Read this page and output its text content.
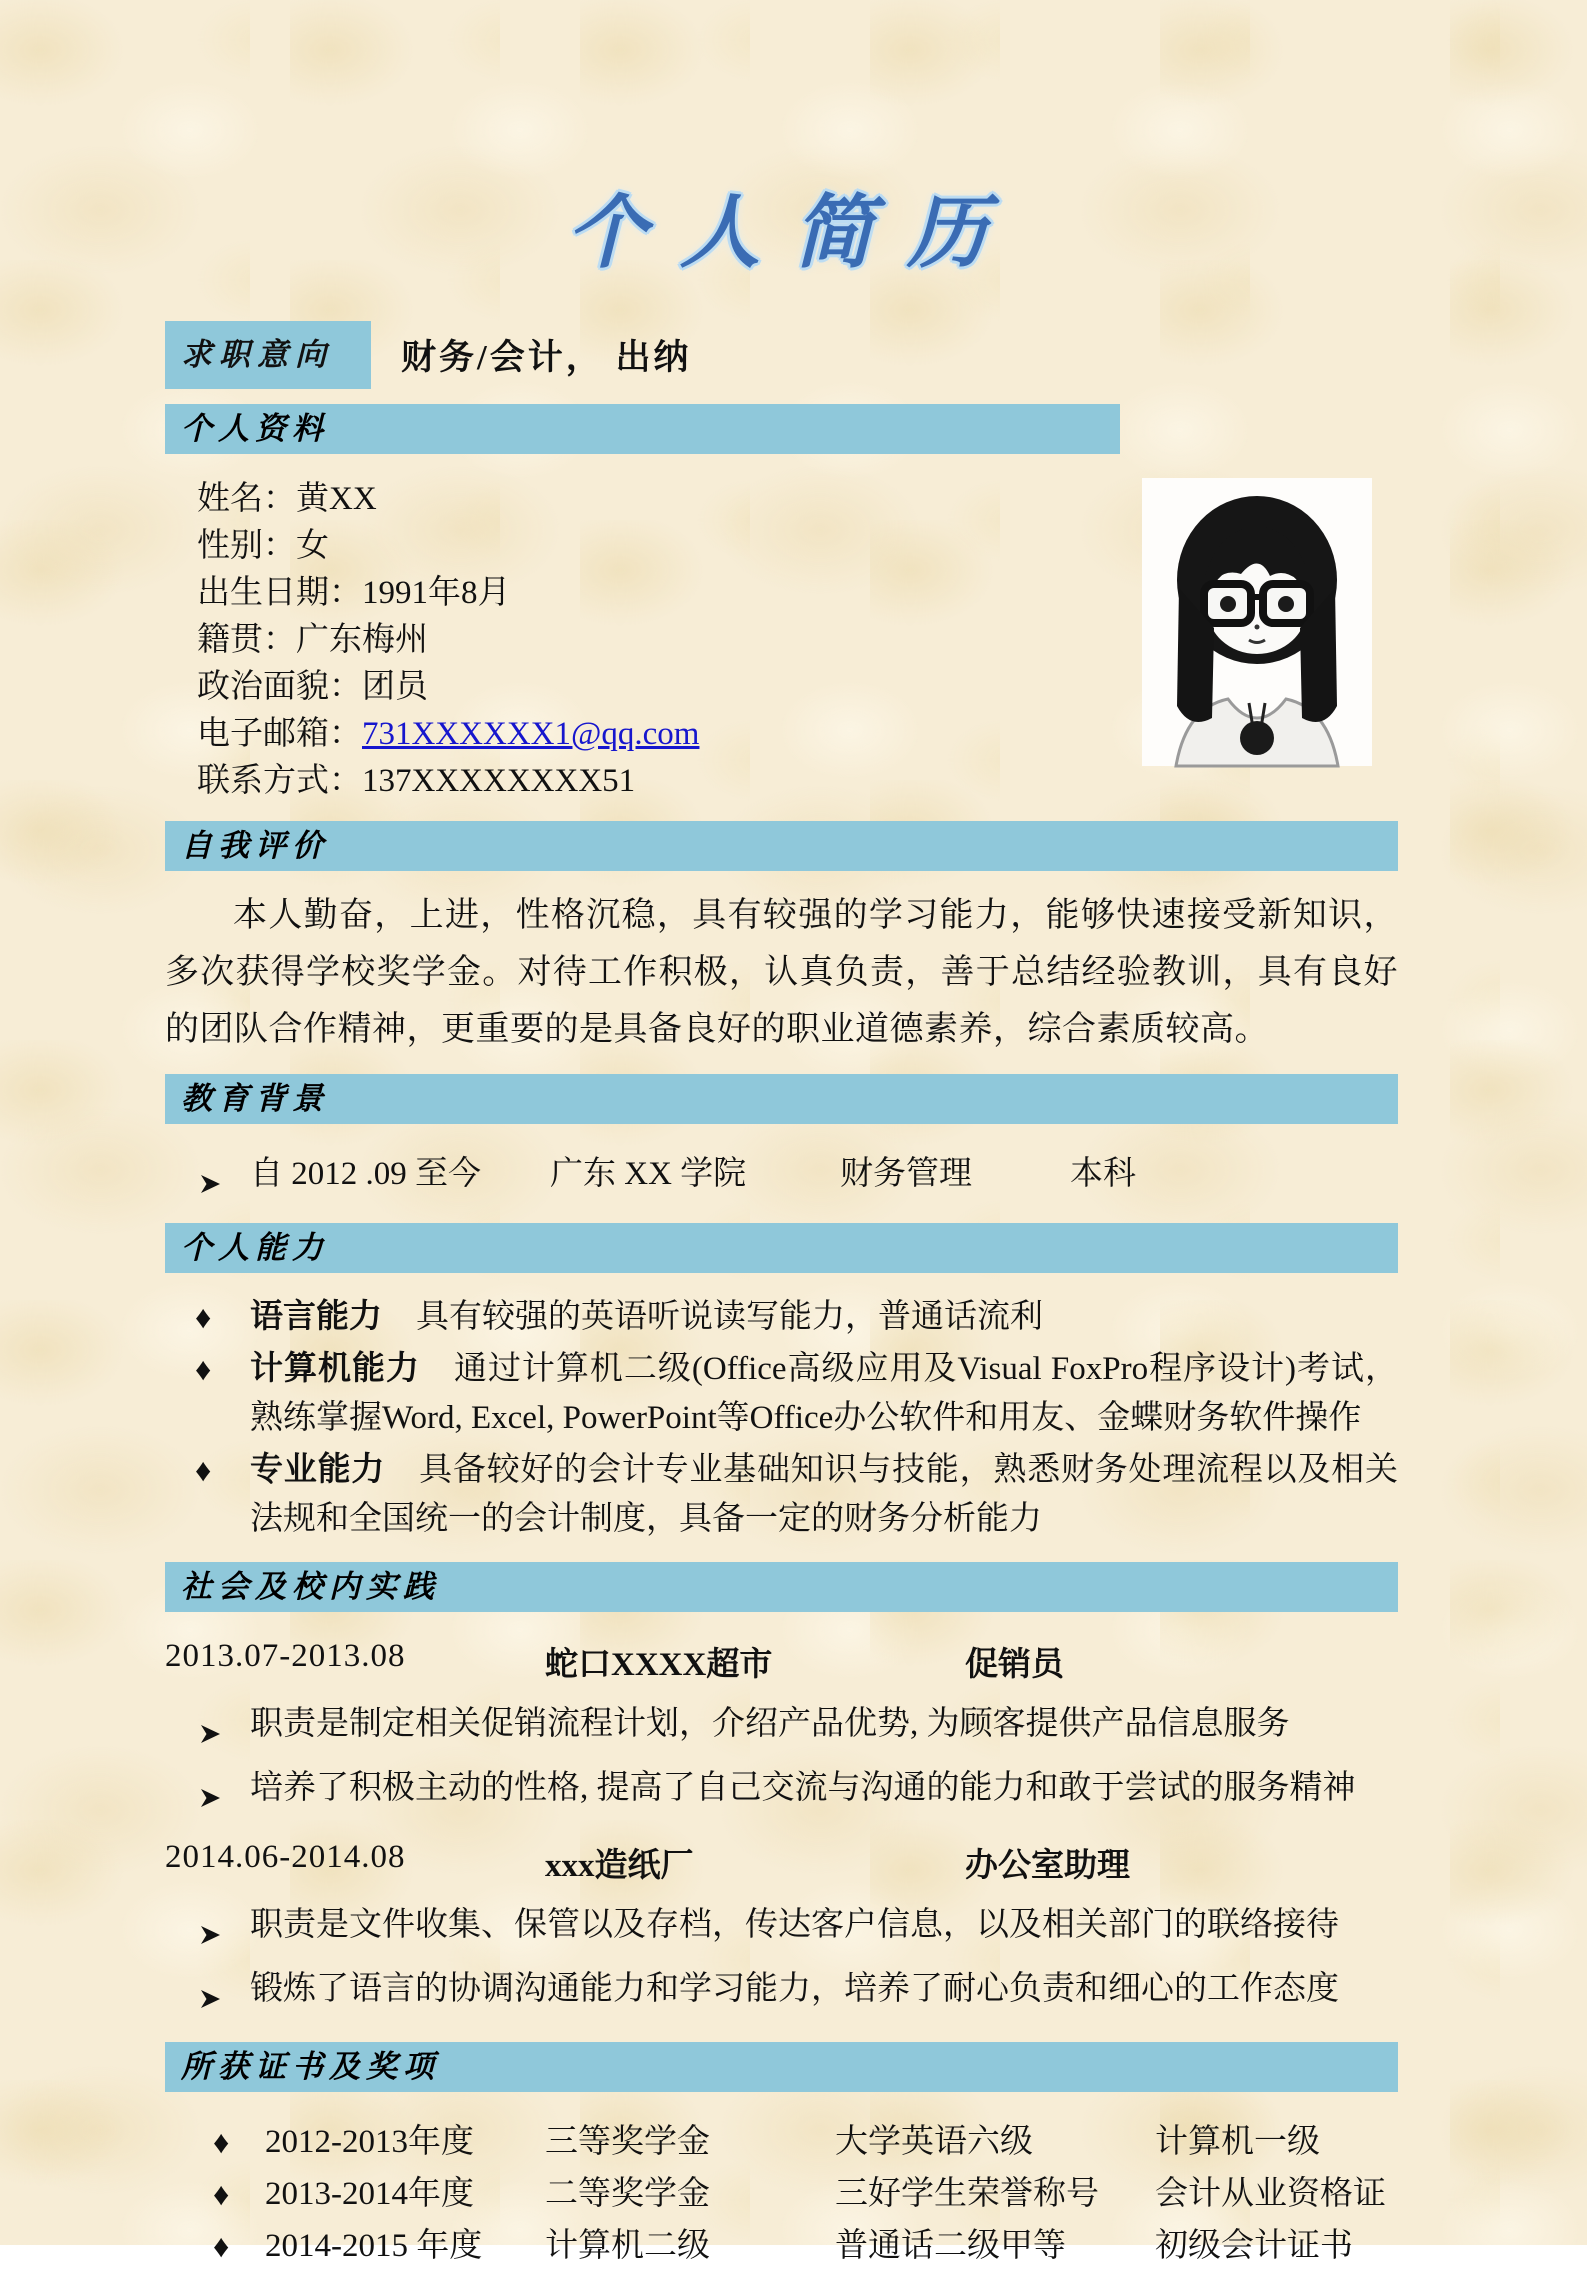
个人简历
求职意向	财务/会计， 出纳
个人资料
姓名：黄XX
性别：女
出生日期：1991年8月
籍贯：广东梅州
政治面貌：团员
电子邮箱：731XXXXXX1@qq.com
联系方式：137XXXXXXXX51
自我评价
本人勤奋，上进，性格沉稳，具有较强的学习能力，能够快速接受新知识，多次获得学校奖学金。对待工作积极，认真负责，善于总结经验教训，具有良好的团队合作精神，更重要的是具备良好的职业道德素养，综合素质较高。
教育背景
自 2012 .09 至今	广东 XX 学院	财务管理	本科
个人能力
♦ 语言能力 具有较强的英语听说读写能力，普通话流利
♦ 计算机能力 通过计算机二级(Office高级应用及Visual FoxPro程序设计)考试，熟练掌握Word, Excel, PowerPoint等Office办公软件和用友、金蝶财务软件操作
♦ 专业能力 具备较好的会计专业基础知识与技能，熟悉财务处理流程以及相关法规和全国统一的会计制度，具备一定的财务分析能力
社会及校内实践
2013.07-2013.08	蛇口XXXX超市	促销员
职责是制定相关促销流程计划，介绍产品优势, 为顾客提供产品信息服务
培养了积极主动的性格, 提高了自己交流与沟通的能力和敢于尝试的服务精神
2014.06-2014.08	xxx造纸厂	办公室助理
职责是文件收集、保管以及存档，传达客户信息，以及相关部门的联络接待
锻炼了语言的协调沟通能力和学习能力，培养了耐心负责和细心的工作态度
所获证书及奖项
♦ 2012-2013年度	三等奖学金	大学英语六级	计算机一级
♦ 2013-2014年度	二等奖学金	三好学生荣誉称号	会计从业资格证
♦ 2014-2015 年度	计算机二级	普通话二级甲等	初级会计证书
